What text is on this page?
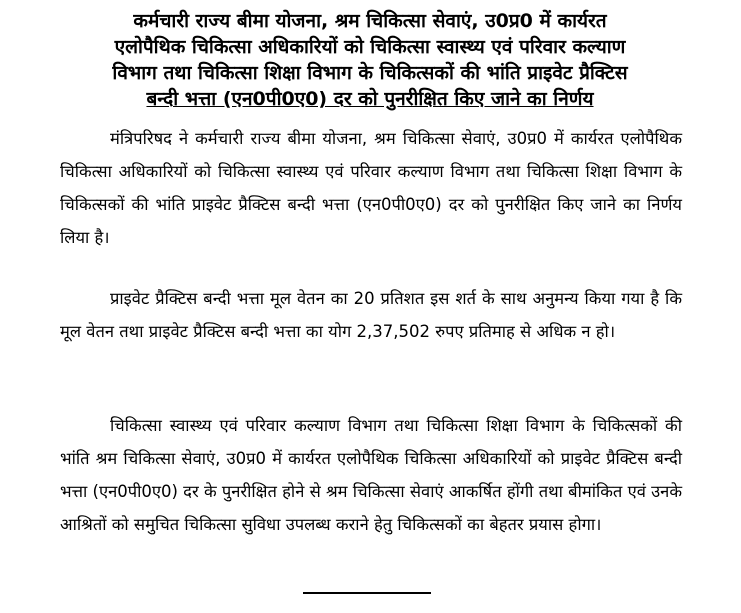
कर्मचारी राज्य बीमा योजना, श्रम चिकित्सा सेवाएं, उ0प्र0 में कार्यरत
एलोपैथिक चिकित्सा अधिकारियों को चिकित्सा स्वास्थ्य एवं परिवार कल्याण
विभाग तथा चिकित्सा शिक्षा विभाग के चिकित्सकों की भांति प्राइवेट प्रैक्टिस
बन्दी भत्ता (एन0पी0ए0) दर को पुनरीक्षित किए जाने का निर्णय

मंत्रिपरिषद ने कर्मचारी राज्य बीमा योजना, श्रम चिकित्सा सेवाएं, उ0प्र0 में कार्यरत एलोपैथिक चिकित्सा अधिकारियों को चिकित्सा स्वास्थ्य एवं परिवार कल्याण विभाग तथा चिकित्सा शिक्षा विभाग के चिकित्सकों की भांति प्राइवेट प्रैक्टिस बन्दी भत्ता (एन0पी0ए0) दर को पुनरीक्षित किए जाने का निर्णय लिया है।

प्राइवेट प्रैक्टिस बन्दी भत्ता मूल वेतन का 20 प्रतिशत इस शर्त के साथ अनुमन्य किया गया है कि मूल वेतन तथा प्राइवेट प्रैक्टिस बन्दी भत्ता का योग 2,37,502 रुपए प्रतिमाह से अधिक न हो।

चिकित्सा स्वास्थ्य एवं परिवार कल्याण विभाग तथा चिकित्सा शिक्षा विभाग के चिकित्सकों की भांति श्रम चिकित्सा सेवाएं, उ0प्र0 में कार्यरत एलोपैथिक चिकित्सा अधिकारियों को प्राइवेट प्रैक्टिस बन्दी भत्ता (एन0पी0ए0) दर के पुनरीक्षित होने से श्रम चिकित्सा सेवाएं आकर्षित होंगी तथा बीमांकित एवं उनके आश्रितों को समुचित चिकित्सा सुविधा उपलब्ध कराने हेतु चिकित्सकों का बेहतर प्रयास होगा।
